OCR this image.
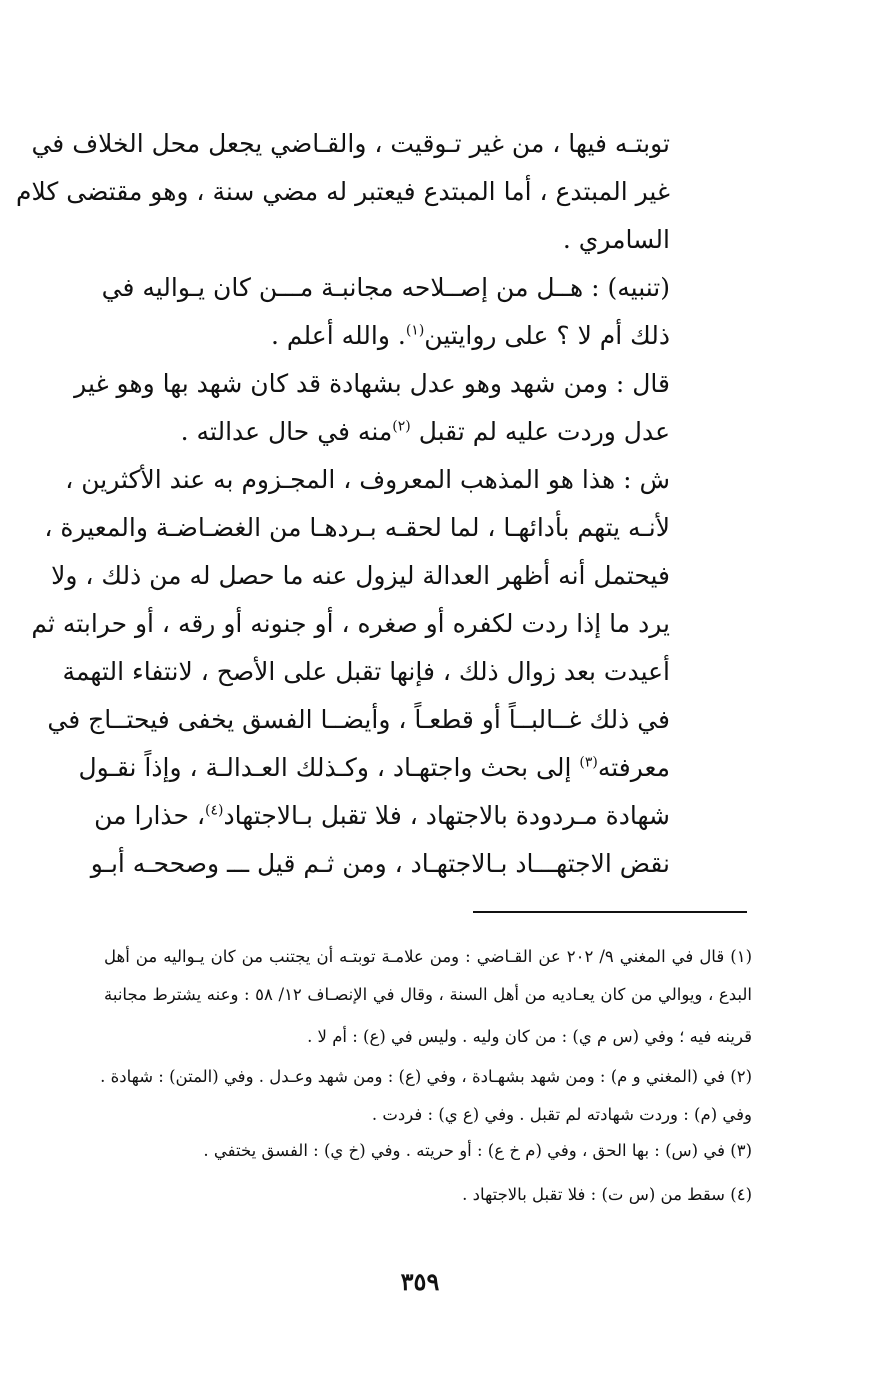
توبتـه فيها ، من غير تـوقيت ، والقـاضي يجعل محل الخلاف في
غير المبتدع ، أما المبتدع فيعتبر له مضي سنة ، وهو مقتضى كلام
السامري .
(تنبيه) : هــل من إصــلاحه مجانبـة مـــن كان يـواليه في
ذلك أم لا ؟ على روايتين$^{(١)}$. والله أعلم .
قال : ومن شهد وهو عدل بشهادة قد كان شهد بها وهو غير
عدل وردت عليه لم تقبل $^{(٢)}$منه في حال عدالته .
ش : هذا هو المذهب المعروف ، المجـزوم به عند الأكثرين ،
لأنـه يتهم بأدائهـا ، لما لحقـه بـردهـا من الغضـاضـة والمعيرة ،
فيحتمل أنه أظهر العدالة ليزول عنه ما حصل له من ذلك ، ولا
يرد ما إذا ردت لكفره أو صغره ، أو جنونه أو رقه ، أو حرابته ثم
أعيدت بعد زوال ذلك ، فإنها تقبل على الأصح ، لانتفاء التهمة
في ذلك غــالبــاً أو قطعـاً ، وأيضــا الفسق يخفى فيحتــاج في
معرفته$^{(٣)}$ إلى بحث واجتهـاد ، وكـذلك العـدالـة ، وإذاً نقـول
شهادة مـردودة بالاجتهاد ، فلا تقبل بـالاجتهاد$^{(٤)}$، حذارا من
نقض الاجتهـــاد بـالاجتهـاد ، ومن ثـم قيل ـــ وصححـه أبـو
(١) قال في المغني ٩/ ٢٠٢ عن القـاضي : ومن علامـة توبتـه أن يجتنب من كان يـواليه من أهل
البدع ، ويوالي من كان يعـاديه من أهل السنة ، وقال في الإنصـاف ١٢/ ٥٨ : وعنه يشترط مجانبة
قرينه فيه ؛ وفي (س م ي) : من كان وليه . وليس في (ع) : أم لا .
(٢) في (المغني و م) : ومن شهد بشهـادة ، وفي (ع) : ومن شهد وعـدل . وفي (المتن) : شهادة .
وفي (م) : وردت شهادته لم تقبل . وفي (ع ي) : فردت .
(٣) في (س) : بها الحق ، وفي (م خ ع) : أو حريته . وفي (خ ي) : الفسق يختفي .
(٤) سقط من (س ت) : فلا تقبل بالاجتهاد .
٣٥٩
